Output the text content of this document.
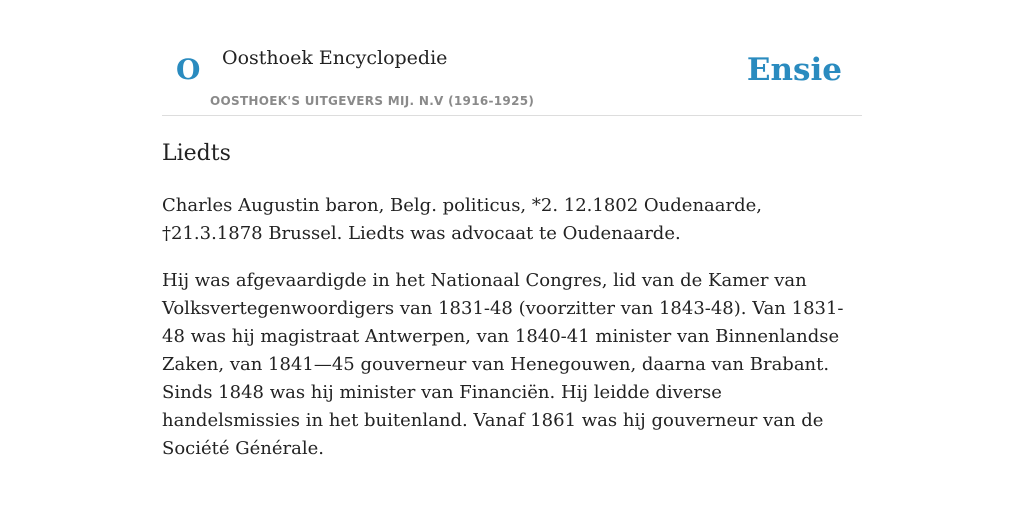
O Oosthoek Encyclopedie
OOSTHOEK'S UITGEVERS MIJ. N.V (1916-1925)
Ensie
Liedts

Charles Augustin baron, Belg. politicus, *2. 12.1802 Oudenaarde, †21.3.1878 Brussel. Liedts was advocaat te Oudenaarde.

Hij was afgevaardigde in het Nationaal Congres, lid van de Kamer van Volksvertegenwoordigers van 1831-48 (voorzitter van 1843-48). Van 1831-48 was hij magistraat Antwerpen, van 1840-41 minister van Binnenlandse Zaken, van 1841—45 gouverneur van Henegouwen, daarna van Brabant. Sinds 1848 was hij minister van Financiën. Hij leidde diverse handelsmissies in het buitenland. Vanaf 1861 was hij gouverneur van de Société Générale.
